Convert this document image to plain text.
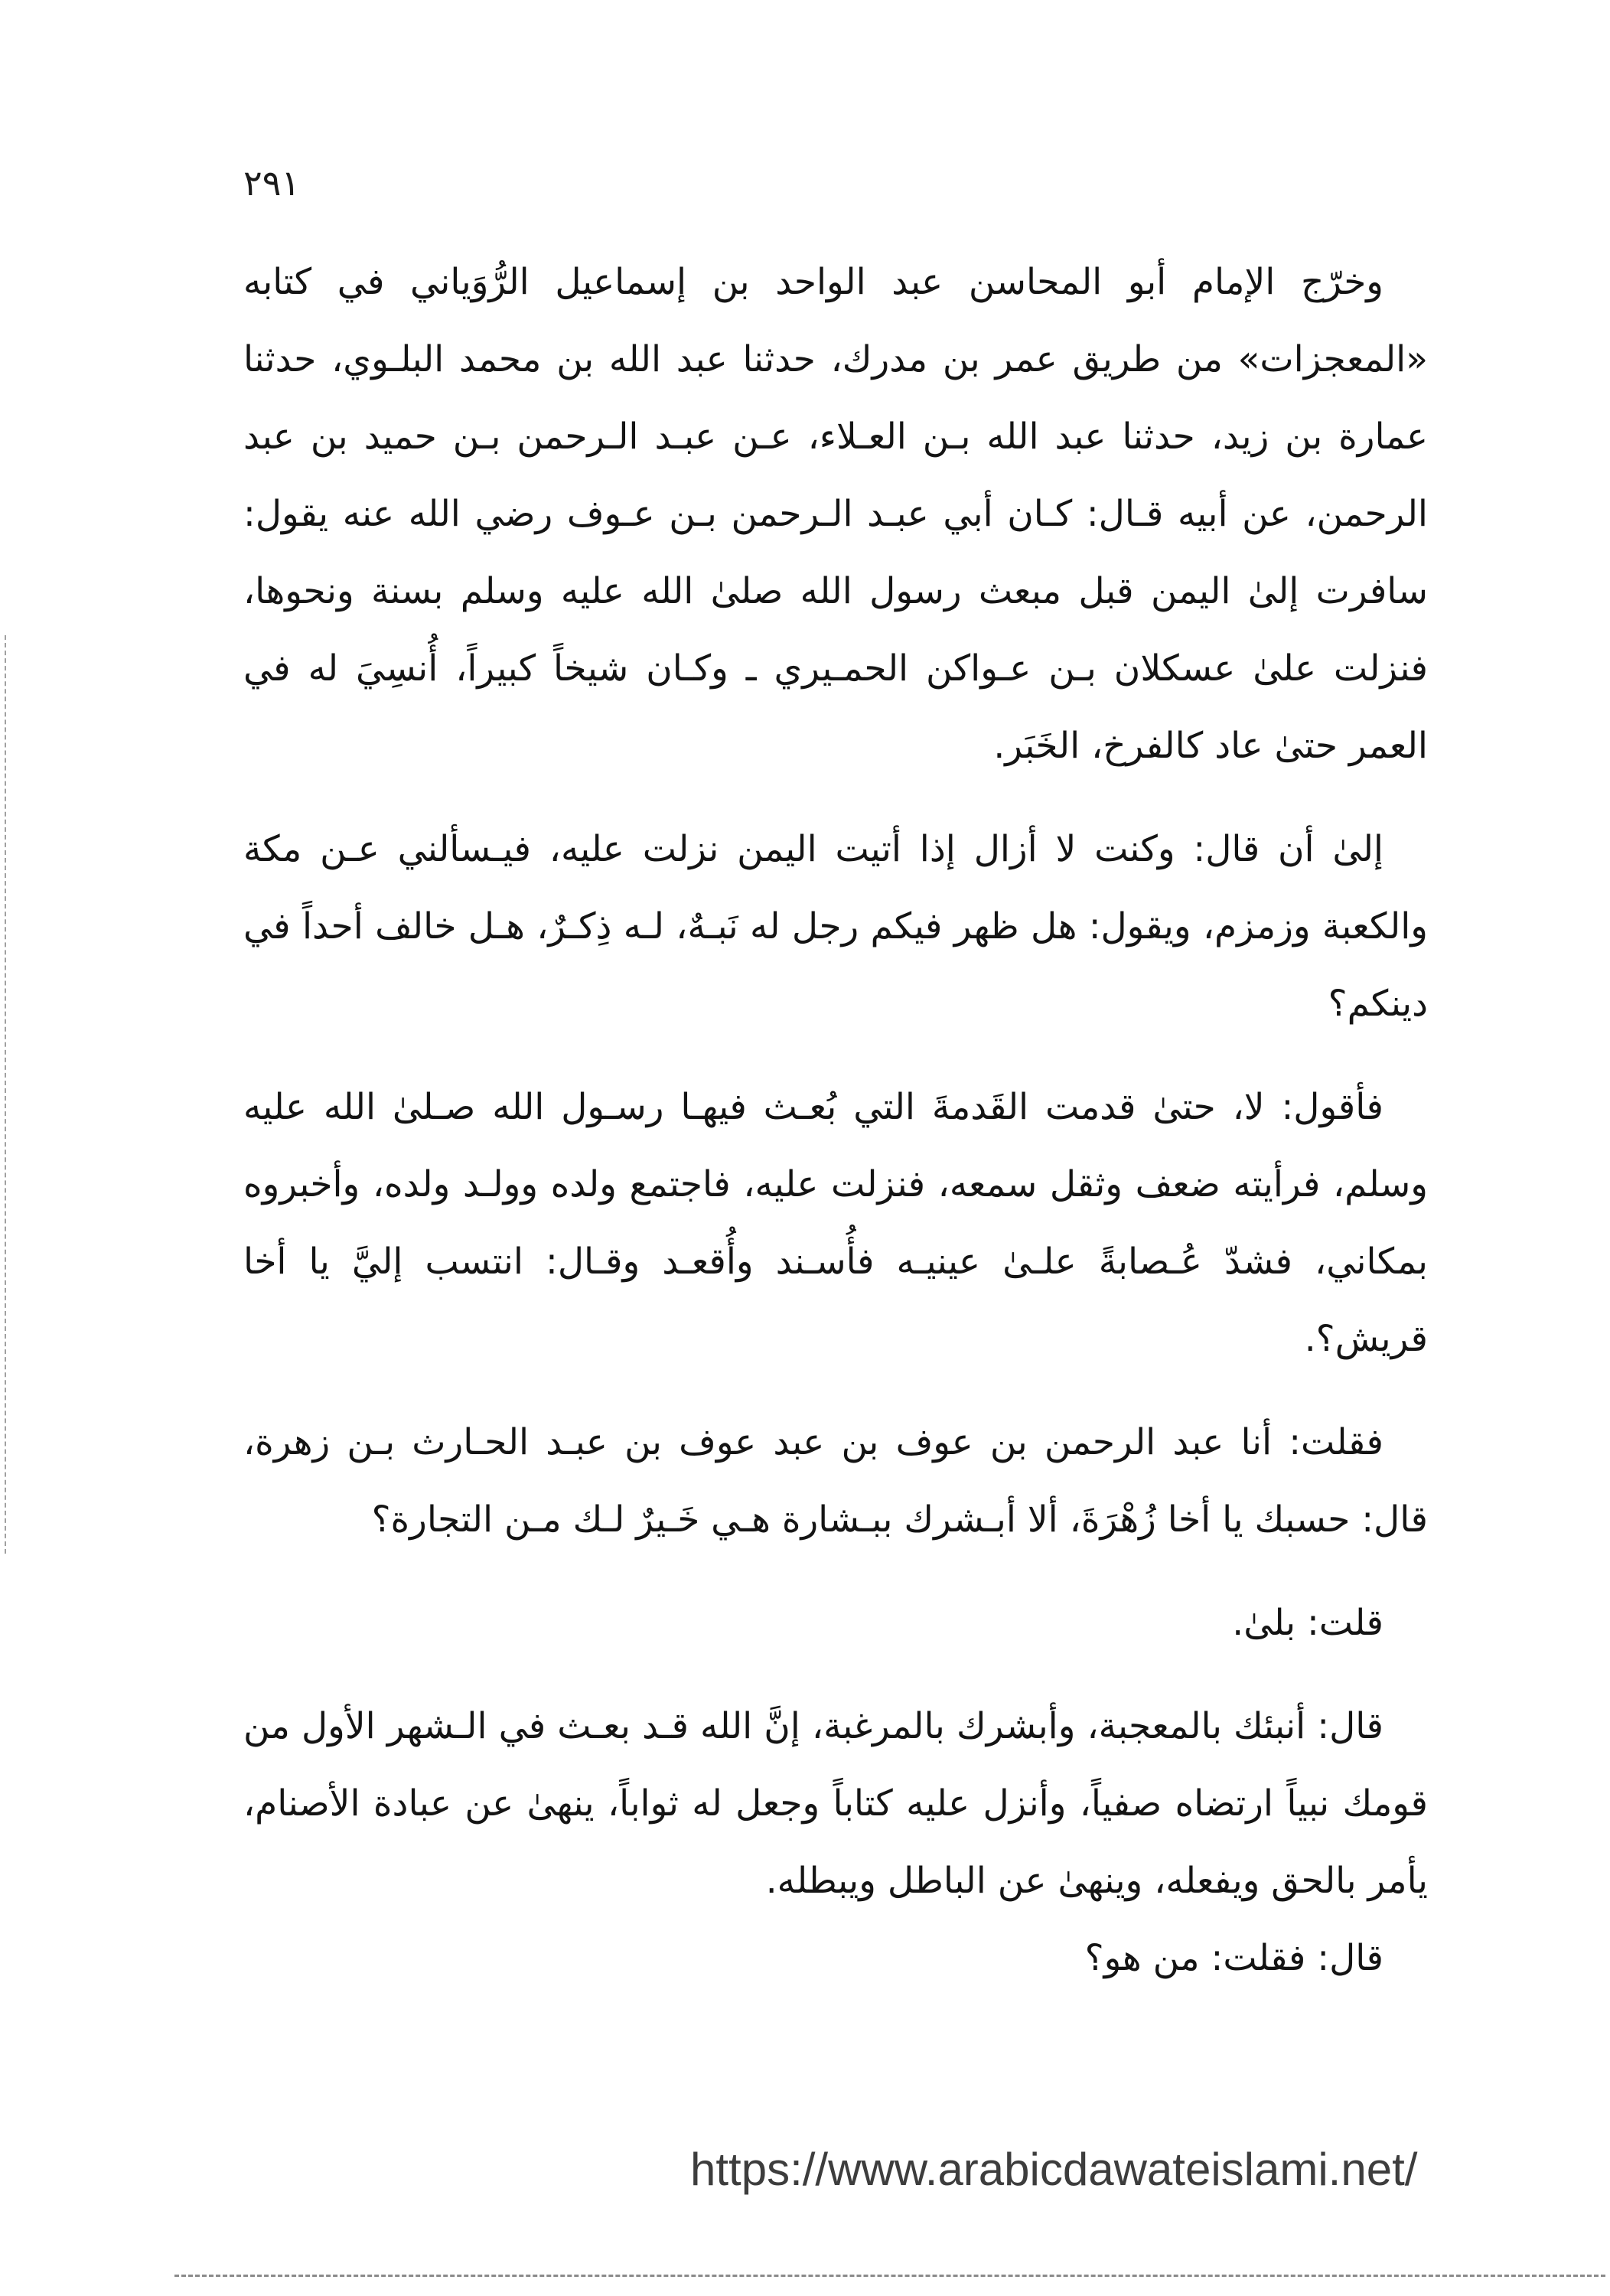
٢٩١

وخرّج الإمام أبو المحاسن عبد الواحد بن إسماعيل الرُّوَياني في كتابه «المعجزات» من طريق عمر بن مدرك، حدثنا عبد الله بن محمد البلـوي، حدثنا عمارة بن زيد، حدثنا عبد الله بـن العـلاء، عـن عبـد الـرحمن بـن حميد بن عبد الرحمن، عن أبيه قـال: كـان أبي عبـد الـرحمن بـن عـوف رضي الله عنه يقول: سافرت إلىٰ اليمن قبل مبعث رسول الله صلىٰ الله عليه وسلم بسنة ونحوها، فنزلت علىٰ عسكلان بـن عـواكن الحمـيري ـ وكـان شيخاً كبيراً، أُنسِيَ له في العمر حتىٰ عاد كالفرخ، الخَبَر.

إلىٰ أن قال: وكنت لا أزال إذا أتيت اليمن نزلت عليه، فيـسألني عـن مكة والكعبة وزمزم، ويقول: هل ظهر فيكم رجل له نَبـهٌ، لـه ذِكـرٌ، هـل خالف أحداً في دينكم؟

فأقول: لا، حتىٰ قدمت القَدمةَ التي بُعـث فيهـا رسـول الله صـلىٰ الله عليه وسلم، فرأيته ضعف وثقل سمعه، فنزلت عليه، فاجتمع ولده وولـد ولده، وأخبروه بمكاني، فشدّ عُـصابةً علـىٰ عينيـه فأُسـند وأُقعـد وقـال: انتسب إليَّ يا أخا قريش؟.

فقلت: أنا عبد الرحمن بن عوف بن عبد عوف بن عبـد الحـارث بـن زهرة، قال: حسبك يا أخا زُهْرَةَ، ألا أبـشرك ببـشارة هـي خَـيرٌ لـك مـن التجارة؟

قلت: بلىٰ.

قال: أنبئك بالمعجبة، وأبشرك بالمرغبة، إنَّ الله قـد بعـث في الـشهر الأول من قومك نبياً ارتضاه صفياً، وأنزل عليه كتاباً وجعل له ثواباً، ينهىٰ عن عبادة الأصنام، يأمر بالحق ويفعله، وينهىٰ عن الباطل ويبطله.

قال: فقلت: من هو؟

https://www.arabicdawateislami.net/
